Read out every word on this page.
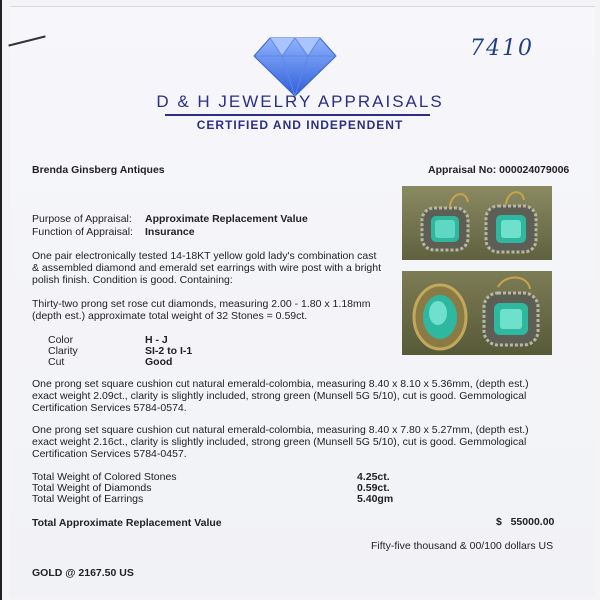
7410
D & H JEWELRY APPRAISALS
CERTIFIED AND INDEPENDENT
Brenda Ginsberg Antiques	Appraisal No: 000024079006
Purpose of Appraisal: Approximate Replacement Value
Function of Appraisal: Insurance
One pair electronically tested 14-18KT yellow gold lady's combination cast
& assembled diamond and emerald set earrings with wire post with a bright
polish finish. Condition is good. Containing:
Thirty-two prong set rose cut diamonds, measuring 2.00 - 1.80 x 1.18mm
(depth est.) approximate total weight of 32 Stones = 0.59ct.
Color	H - J
Clarity	SI-2 to I-1
Cut	Good
One prong set square cushion cut natural emerald-colombia, measuring 8.40 x 8.10 x 5.36mm, (depth est.)
exact weight 2.09ct., clarity is slightly included, strong green (Munsell 5G 5/10), cut is good. Gemmological
Certification Services 5784-0574.
One prong set square cushion cut natural emerald-colombia, measuring 8.40 x 7.80 x 5.27mm, (depth est.)
exact weight 2.16ct., clarity is slightly included, strong green (Munsell 5G 5/10), cut is good. Gemmological
Certification Services 5784-0457.
Total Weight of Colored Stones	4.25ct.
Total Weight of Diamonds	0.59ct.
Total Weight of Earrings	5.40gm
Total Approximate Replacement Value	$   55000.00
Fifty-five thousand & 00/100 dollars US
GOLD @ 2167.50 US
